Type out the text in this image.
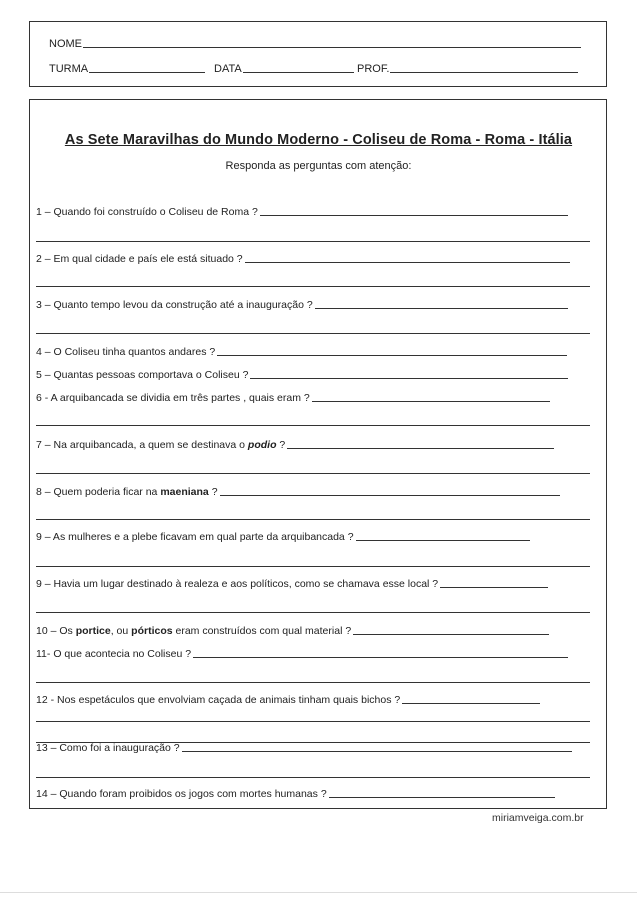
NOME
TURMA	DATA	PROF.
As Sete Maravilhas do Mundo Moderno - Coliseu de Roma - Roma - Itália
Responda as perguntas com atenção:
1 – Quando foi construído o Coliseu de Roma ?
2 – Em qual cidade e país ele está situado ?
3 – Quanto tempo levou da construção até a inauguração ?
4 – O Coliseu tinha quantos andares ?
5 – Quantas pessoas comportava o Coliseu ?
6 - A arquibancada se dividia em três partes , quais eram ?
7 – Na arquibancada, a quem se destinava o podio ?
8 – Quem poderia ficar na maeniana ?
9 – As mulheres e a plebe ficavam em qual parte da arquibancada ?
9 – Havia um lugar destinado à realeza e aos políticos, como se chamava esse local ?
10 – Os portice, ou pórticos eram construídos com qual material ?
11- O que acontecia no Coliseu ?
12 - Nos espetáculos que envolviam caçada de animais tinham quais bichos ?
13 – Como foi a inauguração ?
14 – Quando foram proibidos os jogos com mortes humanas ?
miriamveiga.com.br
